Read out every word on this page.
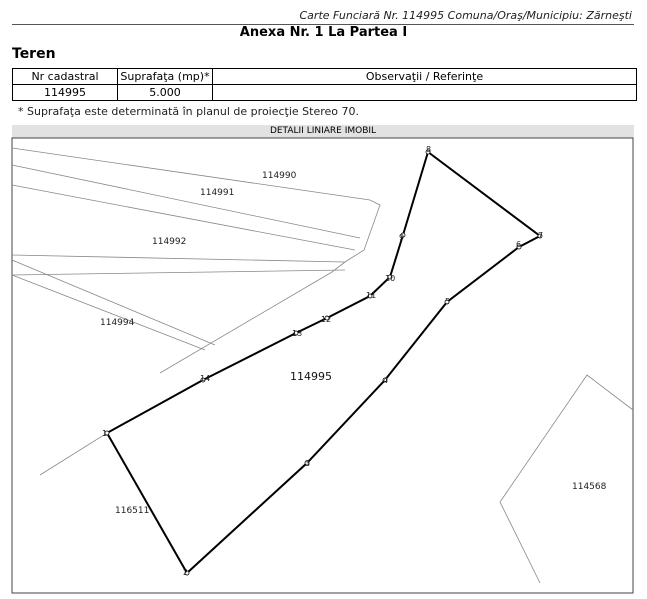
Carte Funciară Nr. 114995 Comuna/Oraş/Municipiu: Zărneşti
Anexa Nr. 1 La Partea I
Teren
Nr cadastral	Suprafaţa (mp)*	Observaţii / Referinţe
114995	5.000	
* Suprafaţa este determinată în planul de proiecţie Stereo 70.
DETALII LINIARE IMOBIL
1
2
3
4
5
6
7
8
9
10
11
12
13
14
114990
114991
114992
114994
114995
116511
114568
